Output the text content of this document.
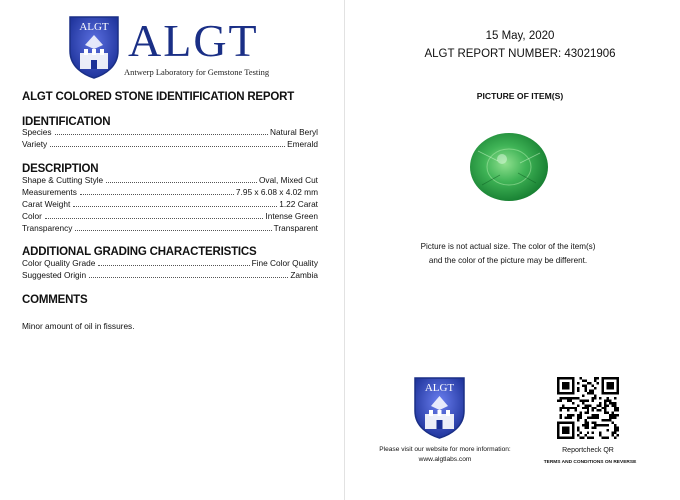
ALGT ALGT
Antwerp Laboratory for Gemstone Testing
ALGT COLORED STONE IDENTIFICATION REPORT
IDENTIFICATION
Species	Natural Beryl
Variety	Emerald
DESCRIPTION
Shape & Cutting Style	Oval, Mixed Cut
Measurements	7.95 x 6.08 x 4.02 mm
Carat Weight	1.22 Carat
Color	Intense Green
Transparency	Transparent
ADDITIONAL GRADING CHARACTERISTICS
Color Quality Grade	Fine Color Quality
Suggested Origin	Zambia
COMMENTS
Minor amount of oil in fissures.
15 May, 2020
ALGT REPORT NUMBER: 43021906
PICTURE OF ITEM(S)
Picture is not actual size. The color of the item(s)
and the color of the picture may be different.
ALGT
Please visit our website for more information:
www.algtlabs.com
Reportcheck QR
TERMS AND CONDITIONS ON REVERSE
